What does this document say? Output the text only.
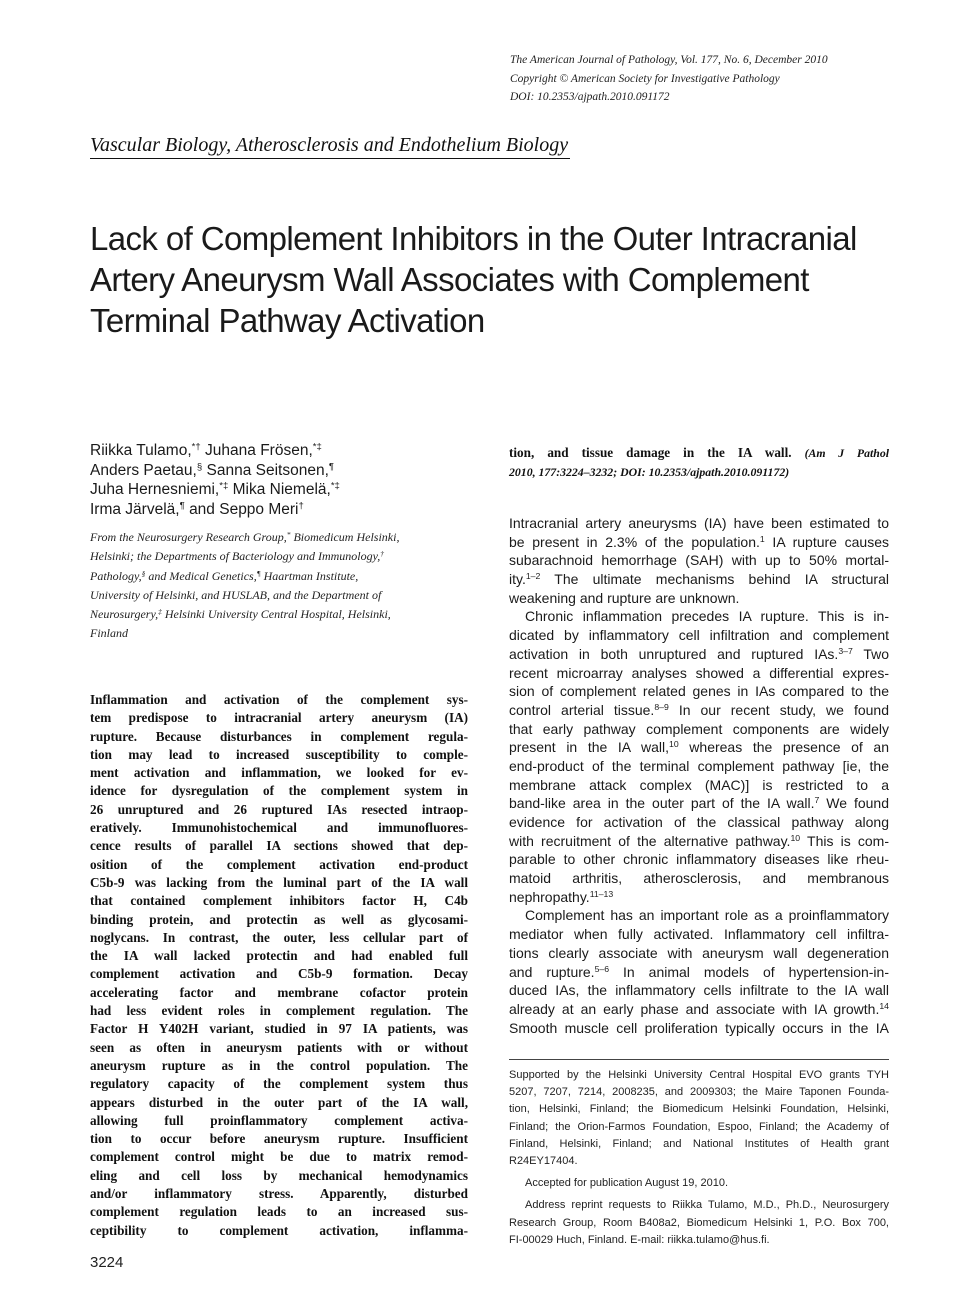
The American Journal of Pathology, Vol. 177, No. 6, December 2010
Copyright © American Society for Investigative Pathology
DOI: 10.2353/ajpath.2010.091172
Vascular Biology, Atherosclerosis and Endothelium Biology
Lack of Complement Inhibitors in the Outer Intracranial
Artery Aneurysm Wall Associates with Complement
Terminal Pathway Activation
Riikka Tulamo,*† Juhana Frösen,*‡
Anders Paetau,§ Sanna Seitsonen,¶
Juha Hernesniemi,*‡ Mika Niemelä,*‡
Irma Järvelä,¶ and Seppo Meri†
From the Neurosurgery Research Group,* Biomedicum Helsinki,
Helsinki; the Departments of Bacteriology and Immunology,†
Pathology,§ and Medical Genetics,¶ Haartman Institute,
University of Helsinki, and HUSLAB, and the Department of
Neurosurgery,‡ Helsinki University Central Hospital, Helsinki,
Finland
Inflammation and activation of the complement sys-
tem predispose to intracranial artery aneurysm (IA)
rupture. Because disturbances in complement regula-
tion may lead to increased susceptibility to comple-
ment activation and inflammation, we looked for ev-
idence for dysregulation of the complement system in
26 unruptured and 26 ruptured IAs resected intraop-
eratively. Immunohistochemical and immunofluores-
cence results of parallel IA sections showed that dep-
osition of the complement activation end-product
C5b-9 was lacking from the luminal part of the IA wall
that contained complement inhibitors factor H, C4b
binding protein, and protectin as well as glycosami-
noglycans. In contrast, the outer, less cellular part of
the IA wall lacked protectin and had enabled full
complement activation and C5b-9 formation. Decay
accelerating factor and membrane cofactor protein
had less evident roles in complement regulation. The
Factor H Y402H variant, studied in 97 IA patients, was
seen as often in aneurysm patients with or without
aneurysm rupture as in the control population. The
regulatory capacity of the complement system thus
appears disturbed in the outer part of the IA wall,
allowing full proinflammatory complement activa-
tion to occur before aneurysm rupture. Insufficient
complement control might be due to matrix remod-
eling and cell loss by mechanical hemodynamics
and/or inflammatory stress. Apparently, disturbed
complement regulation leads to an increased sus-
ceptibility to complement activation, inflamma-
tion, and tissue damage in the IA wall. (Am J Pathol
2010, 177:3224–3232; DOI: 10.2353/ajpath.2010.091172)
Intracranial artery aneurysms (IA) have been estimated to
be present in 2.3% of the population.$^1$ IA rupture causes
subarachnoid hemorrhage (SAH) with up to 50% mortal-
ity.$^{1-2}$ The ultimate mechanisms behind IA structural
weakening and rupture are unknown.
Chronic inflammation precedes IA rupture. This is in-
dicated by inflammatory cell infiltration and complement
activation in both unruptured and ruptured IAs.$^{3-7}$ Two
recent microarray analyses showed a differential expres-
sion of complement related genes in IAs compared to the
control arterial tissue.$^{8-9}$ In our recent study, we found
that early pathway complement components are widely
present in the IA wall,$^{10}$ whereas the presence of an
end-product of the terminal complement pathway [ie, the
membrane attack complex (MAC)] is restricted to a
band-like area in the outer part of the IA wall.$^7$ We found
evidence for activation of the classical pathway along
with recruitment of the alternative pathway.$^{10}$ This is com-
parable to other chronic inflammatory diseases like rheu-
matoid arthritis, atherosclerosis, and membranous
nephropathy.$^{11-13}$
Complement has an important role as a proinflammatory
mediator when fully activated. Inflammatory cell infiltra-
tions clearly associate with aneurysm wall degeneration
and rupture.$^{5-6}$ In animal models of hypertension-in-
duced IAs, the inflammatory cells infiltrate to the IA wall
already at an early phase and associate with IA growth.$^{14}$
Smooth muscle cell proliferation typically occurs in the IA
Supported by the Helsinki University Central Hospital EVO grants TYH
5207, 7207, 7214, 2008235, and 2009303; the Maire Taponen Founda-
tion, Helsinki, Finland; the Biomedicum Helsinki Foundation, Helsinki,
Finland; the Orion-Farmos Foundation, Espoo, Finland; the Academy of
Finland, Helsinki, Finland; and National Institutes of Health grant
R24EY17404.
Accepted for publication August 19, 2010.
Address reprint requests to Riikka Tulamo, M.D., Ph.D., Neurosurgery
Research Group, Room B408a2, Biomedicum Helsinki 1, P.O. Box 700,
FI-00029 Huch, Finland. E-mail: riikka.tulamo@hus.fi.
3224
